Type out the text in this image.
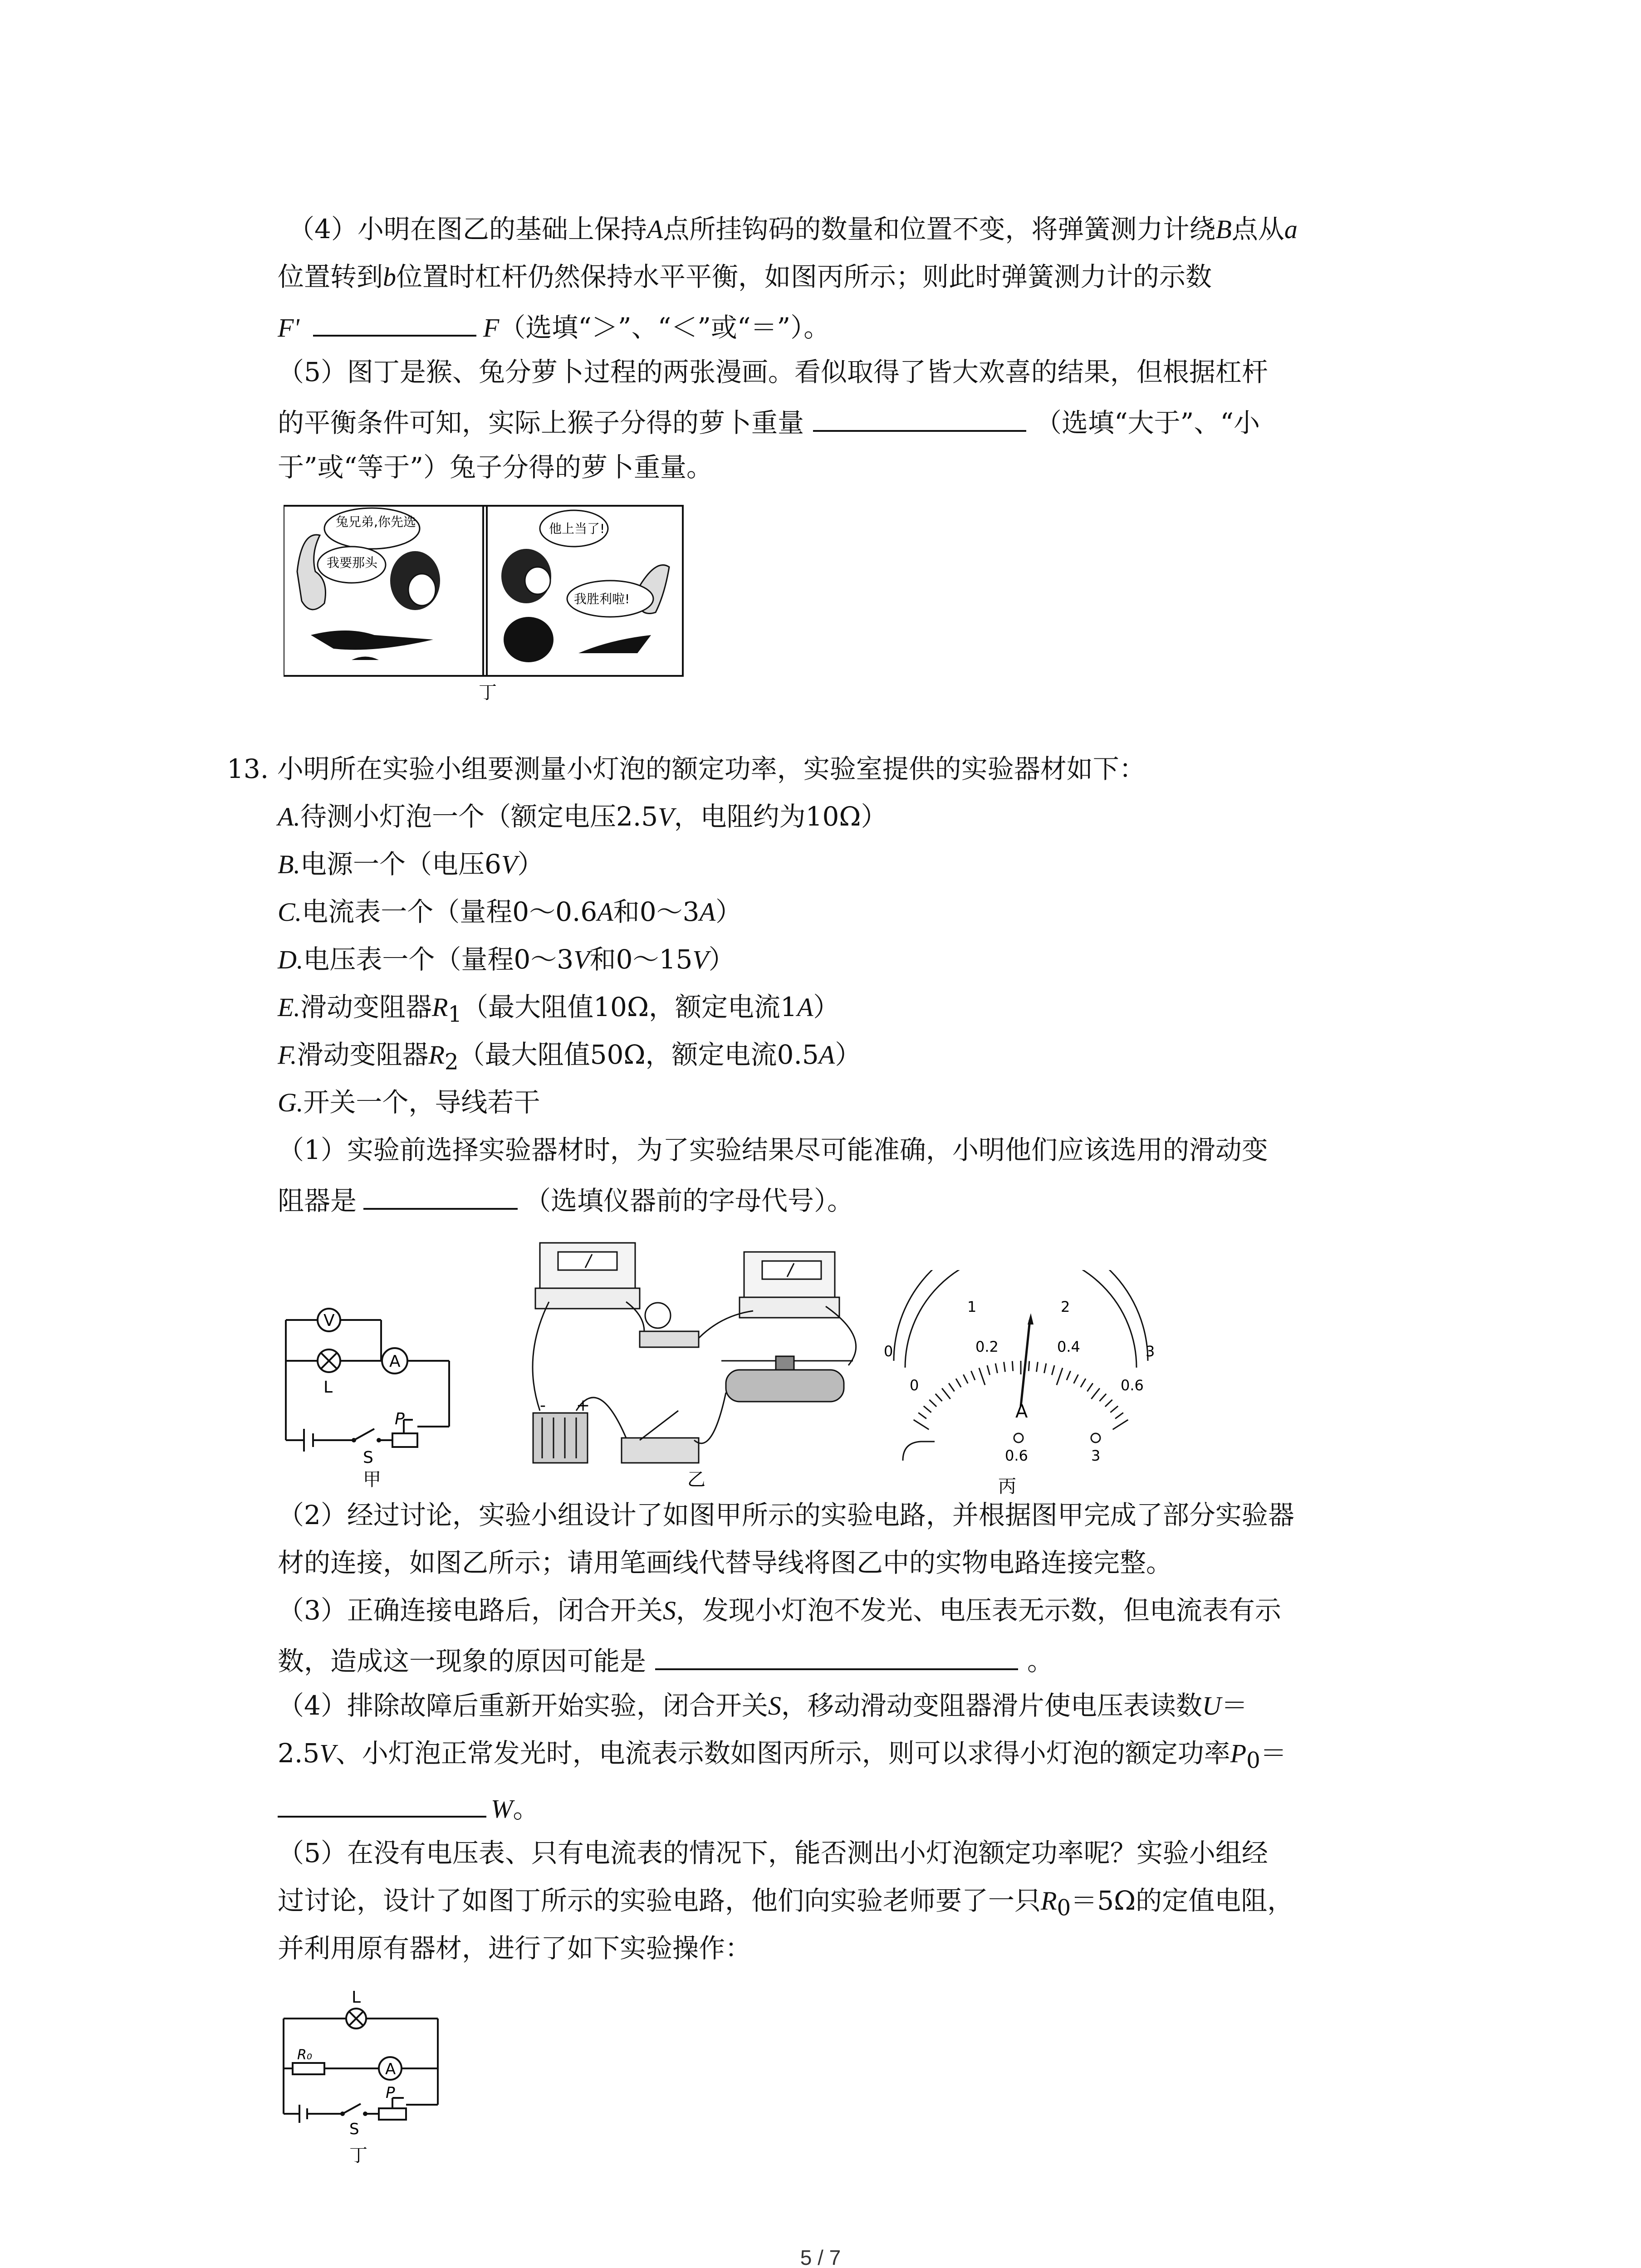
（4）小明在图乙的基础上保持A点所挂钩码的数量和位置不变，将弹簧测力计绕B点从a
位置转到b位置时杠杆仍然保持水平平衡，如图丙所示；则此时弹簧测力计的示数
F'	F（选填“＞”、“＜”或“＝”）。
（5）图丁是猴、兔分萝卜过程的两张漫画。看似取得了皆大欢喜的结果，但根据杠杆
的平衡条件可知，实际上猴子分得的萝卜重量	（选填“大于”、“小
于”或“等于”）兔子分得的萝卜重量。
兔兄弟,你先选
我要那头
他上当了!
我胜利啦!
丁
13. 小明所在实验小组要测量小灯泡的额定功率，实验室提供的实验器材如下：
A.待测小灯泡一个（额定电压2.5V，电阻约为10Ω）
B.电源一个（电压6V）
C.电流表一个（量程0～0.6A和0～3A）
D.电压表一个（量程0～3V和0～15V）
E.滑动变阻器$R_1$（最大阻值10Ω，额定电流1A）
F.滑动变阻器$R_2$（最大阻值50Ω，额定电流0.5A）
G.开关一个，导线若干
（1）实验前选择实验器材时，为了实验结果尽可能准确，小明他们应该选用的滑动变
阻器是	（选填仪器前的字母代号）。
V
A
L
P
S
甲
- +
乙
0
1	2
3
0
0.2	0.4
0.6
A
0.6	3
丙
（2）经过讨论，实验小组设计了如图甲所示的实验电路，并根据图甲完成了部分实验器
材的连接，如图乙所示；请用笔画线代替导线将图乙中的实物电路连接完整。
（3）正确连接电路后，闭合开关S，发现小灯泡不发光、电压表无示数，但电流表有示
数，造成这一现象的原因可能是	。
（4）排除故障后重新开始实验，闭合开关S，移动滑动变阻器滑片使电压表读数U＝
2.5V、小灯泡正常发光时，电流表示数如图丙所示，则可以求得小灯泡的额定功率$P_0=$
W。
（5）在没有电压表、只有电流表的情况下，能否测出小灯泡额定功率呢？实验小组经
过讨论，设计了如图丁所示的实验电路，他们向实验老师要了一只$R_0=5\Omega$的定值电阻，
并利用原有器材，进行了如下实验操作：
L
R₀
A
P
S
丁
5 / 7
